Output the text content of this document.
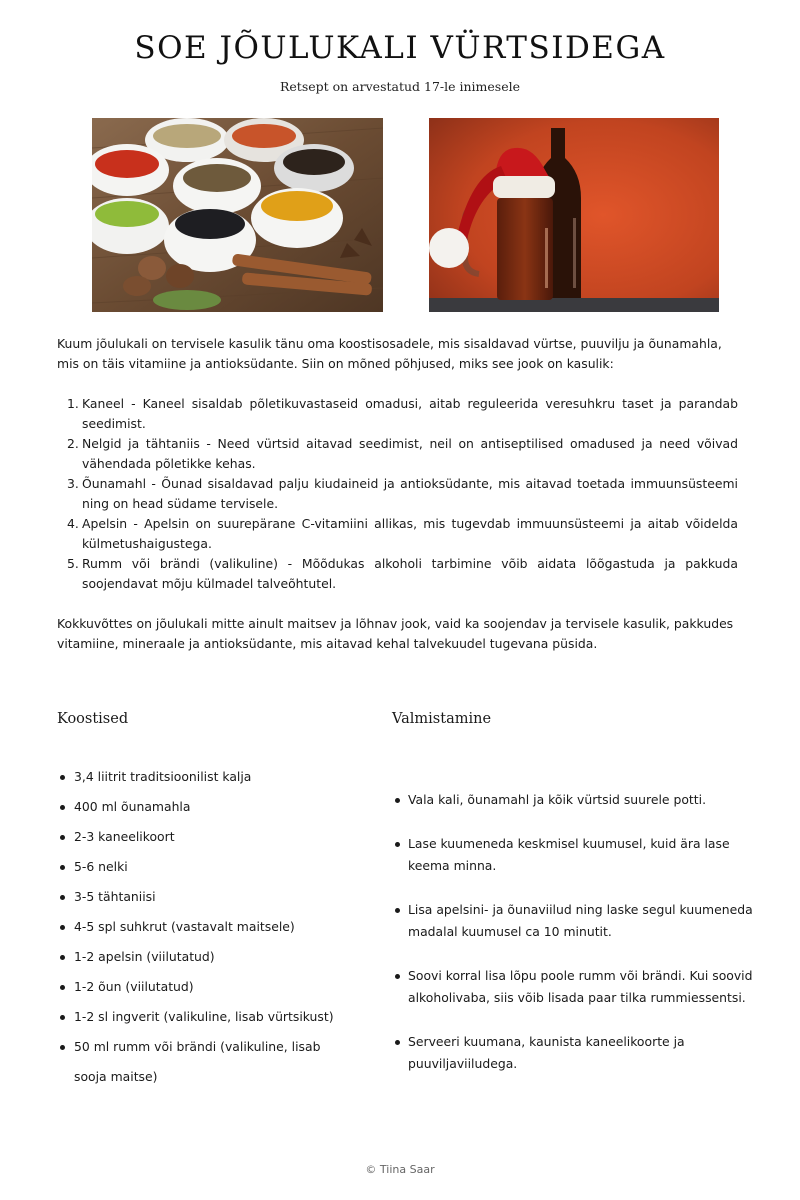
SOE JÕULUKALI VÜRTSIDEGA

Retsept on arvestatud 17-le inimesele

Kuum jõulukali on tervisele kasulik tänu oma koostisosadele, mis sisaldavad vürtse, puuvilju ja õunamahla, mis on täis vitamiine ja antioksüdante. Siin on mõned põhjused, miks see jook on kasulik:

1. Kaneel - Kaneel sisaldab põletikuvastaseid omadusi, aitab reguleerida veresuhkru taset ja parandab seedimist.
2. Nelgid ja tähtaniis - Need vürtsid aitavad seedimist, neil on antiseptilised omadused ja need võivad vähendada põletikke kehas.
3. Õunamahl - Õunad sisaldavad palju kiudaineid ja antioksüdante, mis aitavad toetada immuunsüsteemi ning on head südame tervisele.
4. Apelsin - Apelsin on suurepärane C-vitamiini allikas, mis tugevdab immuunsüsteemi ja aitab võidelda külmetushaigustega.
5. Rumm või brändi (valikuline) - Mõõdukas alkoholi tarbimine võib aidata lõõgastuda ja pakkuda soojendavat mõju külmadel talveõhtutel.

Kokkuvõttes on jõulukali mitte ainult maitsev ja lõhnav jook, vaid ka soojendav ja tervisele kasulik, pakkudes vitamiine, mineraale ja antioksüdante, mis aitavad kehal talvekuudel tugevana püsida.

Koostised	Valmistamine
3,4 liitrit traditsioonilist kalja
400 ml õunamahla
2-3 kaneelikoort
5-6 nelki
3-5 tähtaniisi
4-5 spl suhkrut (vastavalt maitsele)
1-2 apelsin (viilutatud)
1-2 õun (viilutatud)
1-2 sl ingverit (valikuline, lisab vürtsikust)
50 ml rumm või brändi (valikuline, lisab sooja maitse)
Vala kali, õunamahl ja kõik vürtsid suurele potti.
Lase kuumeneda keskmisel kuumusel, kuid ära lase keema minna.
Lisa apelsini- ja õunaviilud ning laske segul kuumeneda madalal kuumusel ca 10 minutit.
Soovi korral lisa lõpu poole rumm või brändi. Kui soovid alkoholivaba, siis võib lisada paar tilka rummiessentsi.
Serveeri kuumana, kaunista kaneelikoorte ja puuviljaviiludega.
© Tiina Saar
